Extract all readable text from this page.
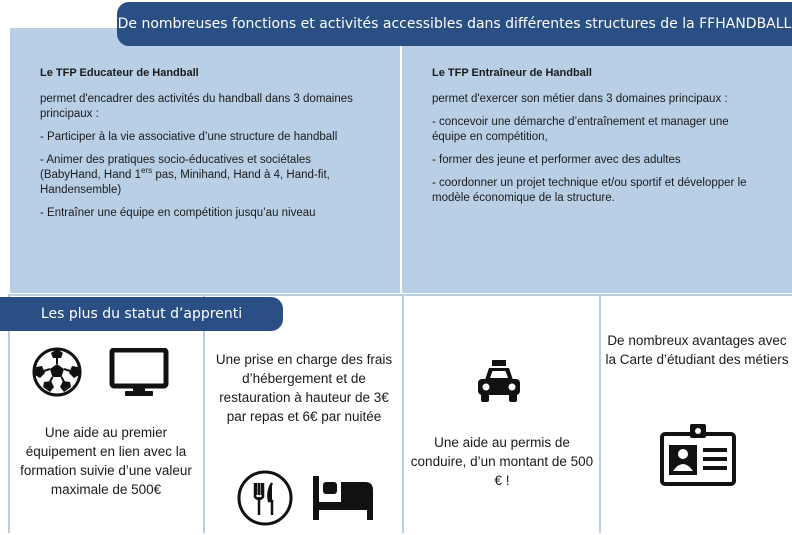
De nombreuses fonctions et activités accessibles dans différentes structures de la FFHANDBALL
Le TFP Educateur de Handball

permet d'encadrer des activités du handball dans 3 domaines principaux :

- Participer à la vie associative d’une structure de handball

- Animer des pratiques socio-éducatives et sociétales (BabyHand, Hand 1ers pas, Minihand, Hand à 4, Hand-fit, Handensemble)

- Entraîner une équipe en compétition jusqu’au niveau

Le TFP Entraîneur de Handball

permet d'exercer son métier dans 3 domaines principaux :

- concevoir une démarche d’entraînement et manager une équipe en compétition,

- former des jeune et performer avec des adultes

- coordonner un projet technique et/ou sportif et développer le modèle économique de la structure.

Les plus du statut d’apprenti
Une aide au premier équipement en lien avec la formation suivie d’une valeur maximale de 500€
Une prise en charge des frais d’hébergement et de restauration à hauteur de 3€ par repas et 6€ par nuitée
Une aide au permis de conduire, d’un montant de 500 € !
De nombreux avantages avec la Carte d’étudiant des métiers
